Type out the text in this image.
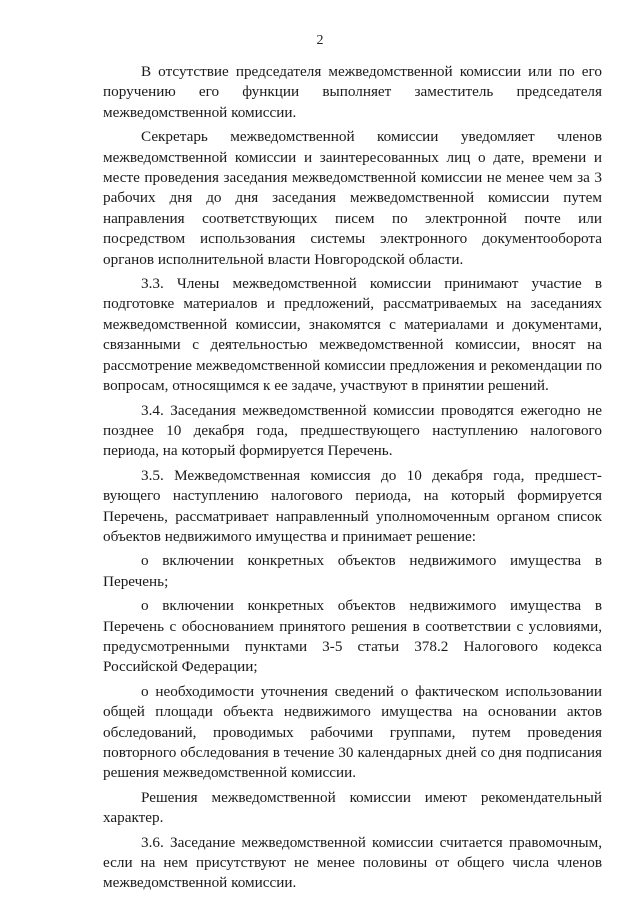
2

В отсутствие председателя межведомственной комиссии или по его поручению его функции выполняет заместитель председателя межведомственной комиссии.

Секретарь межведомственной комиссии уведомляет членов межведомственной комиссии и заинтересованных лиц о дате, времени и месте проведения заседания межведомственной комиссии не менее чем за 3 рабочих дня до дня заседания межведомственной комиссии путем направления соответствующих писем по электронной почте или посредством использования системы электронного документооборота органов исполнительной власти Новгородской области.

3.3. Члены межведомственной комиссии принимают участие в подготовке материалов и предложений, рассматриваемых на заседаниях межведомственной комиссии, знакомятся с материалами и документами, связанными с деятельностью межведомственной комиссии, вносят на рассмотрение межведомственной комиссии предложения и рекомендации по вопросам, относящимся к ее задаче, участвуют в принятии решений.

3.4. Заседания межведомственной комиссии проводятся ежегодно не позднее 10 декабря года, предшествующего наступлению налогового периода, на который формируется Перечень.

3.5. Межведомственная комиссия до 10 декабря года, предшест-вующего наступлению налогового периода, на который формируется Перечень, рассматривает направленный уполномоченным органом список объектов недвижимого имущества и принимает решение:

о включении конкретных объектов недвижимого имущества в Перечень;

о включении конкретных объектов недвижимого имущества в Перечень с обоснованием принятого решения в соответствии с условиями, предусмотренными пунктами 3-5 статьи 378.2 Налогового кодекса Российской Федерации;

о необходимости уточнения сведений о фактическом использовании общей площади объекта недвижимого имущества на основании актов обследований, проводимых рабочими группами, путем проведения повторного обследования в течение 30 календарных дней со дня подписания решения межведомственной комиссии.

Решения межведомственной комиссии имеют рекомендательный характер.

3.6. Заседание межведомственной комиссии считается правомочным, если на нем присутствуют не менее половины от общего числа членов межведомственной комиссии.
